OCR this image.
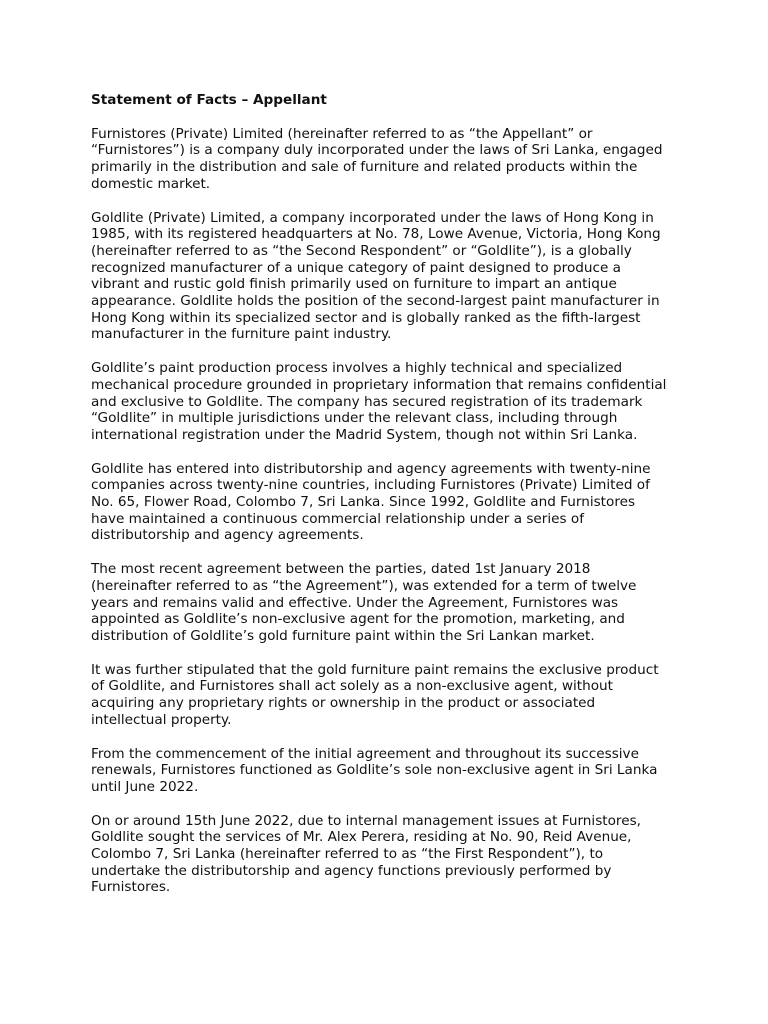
Statement of Facts – Appellant
Furnistores (Private) Limited (hereinafter referred to as “the Appellant” or
“Furnistores”) is a company duly incorporated under the laws of Sri Lanka, engaged
primarily in the distribution and sale of furniture and related products within the
domestic market.
Goldlite (Private) Limited, a company incorporated under the laws of Hong Kong in
1985, with its registered headquarters at No. 78, Lowe Avenue, Victoria, Hong Kong
(hereinafter referred to as “the Second Respondent” or “Goldlite”), is a globally
recognized manufacturer of a unique category of paint designed to produce a
vibrant and rustic gold finish primarily used on furniture to impart an antique
appearance. Goldlite holds the position of the second-largest paint manufacturer in
Hong Kong within its specialized sector and is globally ranked as the fifth-largest
manufacturer in the furniture paint industry.
Goldlite’s paint production process involves a highly technical and specialized
mechanical procedure grounded in proprietary information that remains confidential
and exclusive to Goldlite. The company has secured registration of its trademark
“Goldlite” in multiple jurisdictions under the relevant class, including through
international registration under the Madrid System, though not within Sri Lanka.
Goldlite has entered into distributorship and agency agreements with twenty-nine
companies across twenty-nine countries, including Furnistores (Private) Limited of
No. 65, Flower Road, Colombo 7, Sri Lanka. Since 1992, Goldlite and Furnistores
have maintained a continuous commercial relationship under a series of
distributorship and agency agreements.
The most recent agreement between the parties, dated 1st January 2018
(hereinafter referred to as “the Agreement”), was extended for a term of twelve
years and remains valid and effective. Under the Agreement, Furnistores was
appointed as Goldlite’s non-exclusive agent for the promotion, marketing, and
distribution of Goldlite’s gold furniture paint within the Sri Lankan market.
It was further stipulated that the gold furniture paint remains the exclusive product
of Goldlite, and Furnistores shall act solely as a non-exclusive agent, without
acquiring any proprietary rights or ownership in the product or associated
intellectual property.
From the commencement of the initial agreement and throughout its successive
renewals, Furnistores functioned as Goldlite’s sole non-exclusive agent in Sri Lanka
until June 2022.
On or around 15th June 2022, due to internal management issues at Furnistores,
Goldlite sought the services of Mr. Alex Perera, residing at No. 90, Reid Avenue,
Colombo 7, Sri Lanka (hereinafter referred to as “the First Respondent”), to
undertake the distributorship and agency functions previously performed by
Furnistores.
